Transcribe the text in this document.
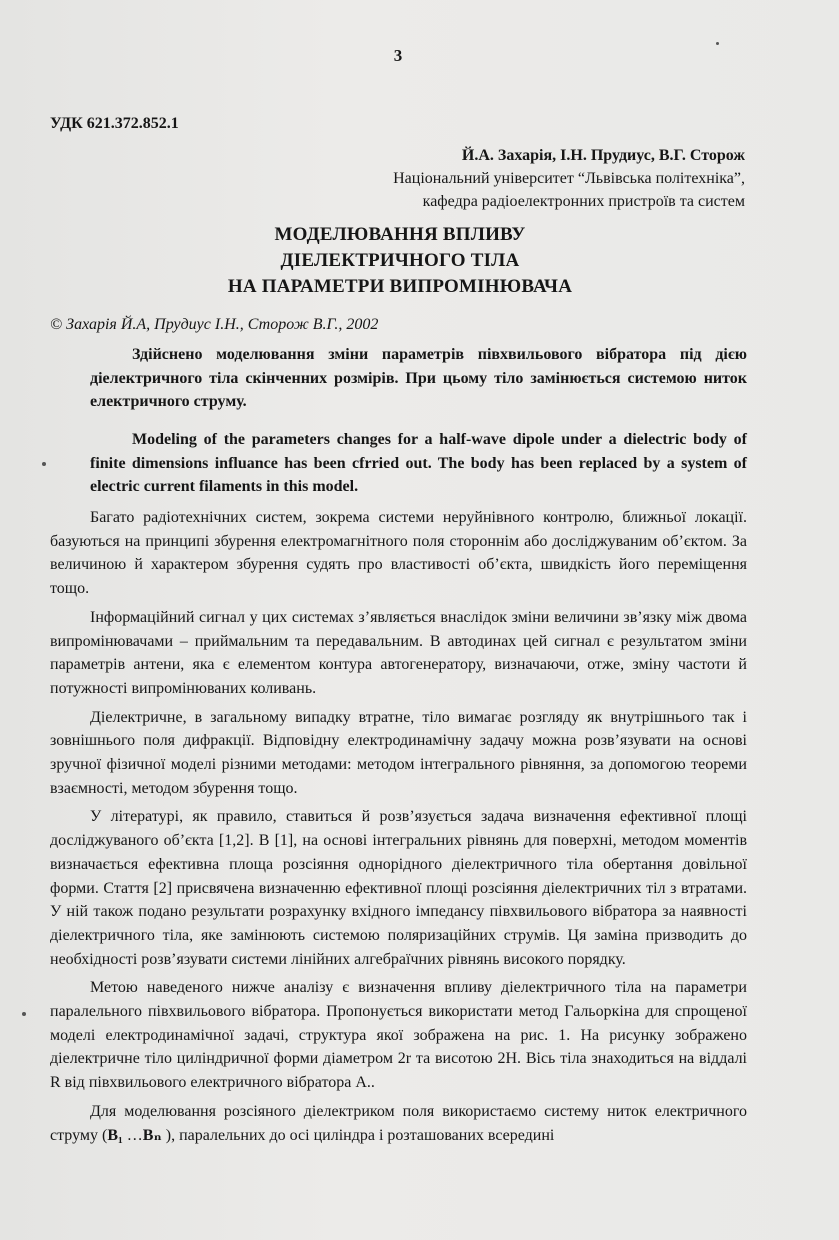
3
УДК 621.372.852.1
Й.А. Захарія, І.Н. Прудиус, В.Г. Сторож
Національний університет “Львівська політехніка”,
кафедра радіоелектронних пристроїв та систем
МОДЕЛЮВАННЯ ВПЛИВУ
ДІЕЛЕКТРИЧНОГО ТІЛА
НА ПАРАМЕТРИ ВИПРОМІНЮВАЧА
© Захарія Й.А, Прудиус І.Н., Сторож В.Г., 2002
Здійснено моделювання зміни параметрів півхвильового вібратора під дією діелектричного тіла скінченних розмірів. При цьому тіло замінюється системою ниток електричного струму.
Modeling of the parameters changes for a half-wave dipole under a dielectric body of finite dimensions influance has been cfrried out. The body has been replaced by a system of electric current filaments in this model.

Багато радіотехнічних систем, зокрема системи неруйнівного контролю, ближньої локації. базуються на принципі збурення електромагнітного поля стороннім або досліджуваним об’єктом. За величиною й характером збурення судять про властивості об’єкта, швидкість його переміщення тощо.

Інформаційний сигнал у цих системах з’являється внаслідок зміни величини зв’язку між двома випромінювачами – приймальним та передавальним. В автодинах цей сигнал є результатом зміни параметрів антени, яка є елементом контура автогенератору, визначаючи, отже, зміну частоти й потужності випромінюваних коливань.

Діелектричне, в загальному випадку втратне, тіло вимагає розгляду як внутрішнього так і зовнішнього поля дифракції. Відповідну електродинамічну задачу можна розв’язувати на основі зручної фізичної моделі різними методами: методом інтегрального рівняння, за допомогою теореми взаємності, методом збурення тощо.

У літературі, як правило, ставиться й розв’язується задача визначення ефективної площі досліджуваного об’єкта [1,2]. В [1], на основі інтегральних рівнянь для поверхні, методом моментів визначається ефективна площа розсіяння однорідного діелектричного тіла обертання довільної форми. Стаття [2] присвячена визначенню ефективної площі розсіяння діелектричних тіл з втратами. У ній також подано результати розрахунку вхідного імпедансу півхвильового вібратора за наявності діелектричного тіла, яке замінюють системою поляризаційних струмів. Ця заміна призводить до необхідності розв’язувати системи лінійних алгебраїчних рівнянь високого порядку.

Метою наведеного нижче аналізу є визначення впливу діелектричного тіла на параметри паралельного півхвильового вібратора. Пропонується використати метод Гальоркіна для спрощеної моделі електродинамічної задачі, структура якої зображена на рис. 1. На рисунку зображено діелектричне тіло циліндричної форми діаметром 2r та висотою 2H. Вісь тіла знаходиться на віддалі R від півхвильового електричного вібратора A..

Для моделювання розсіяного діелектриком поля використаємо систему ниток електричного струму (B₁ …Bₙ ), паралельних до осі циліндра і розташованих всередині
